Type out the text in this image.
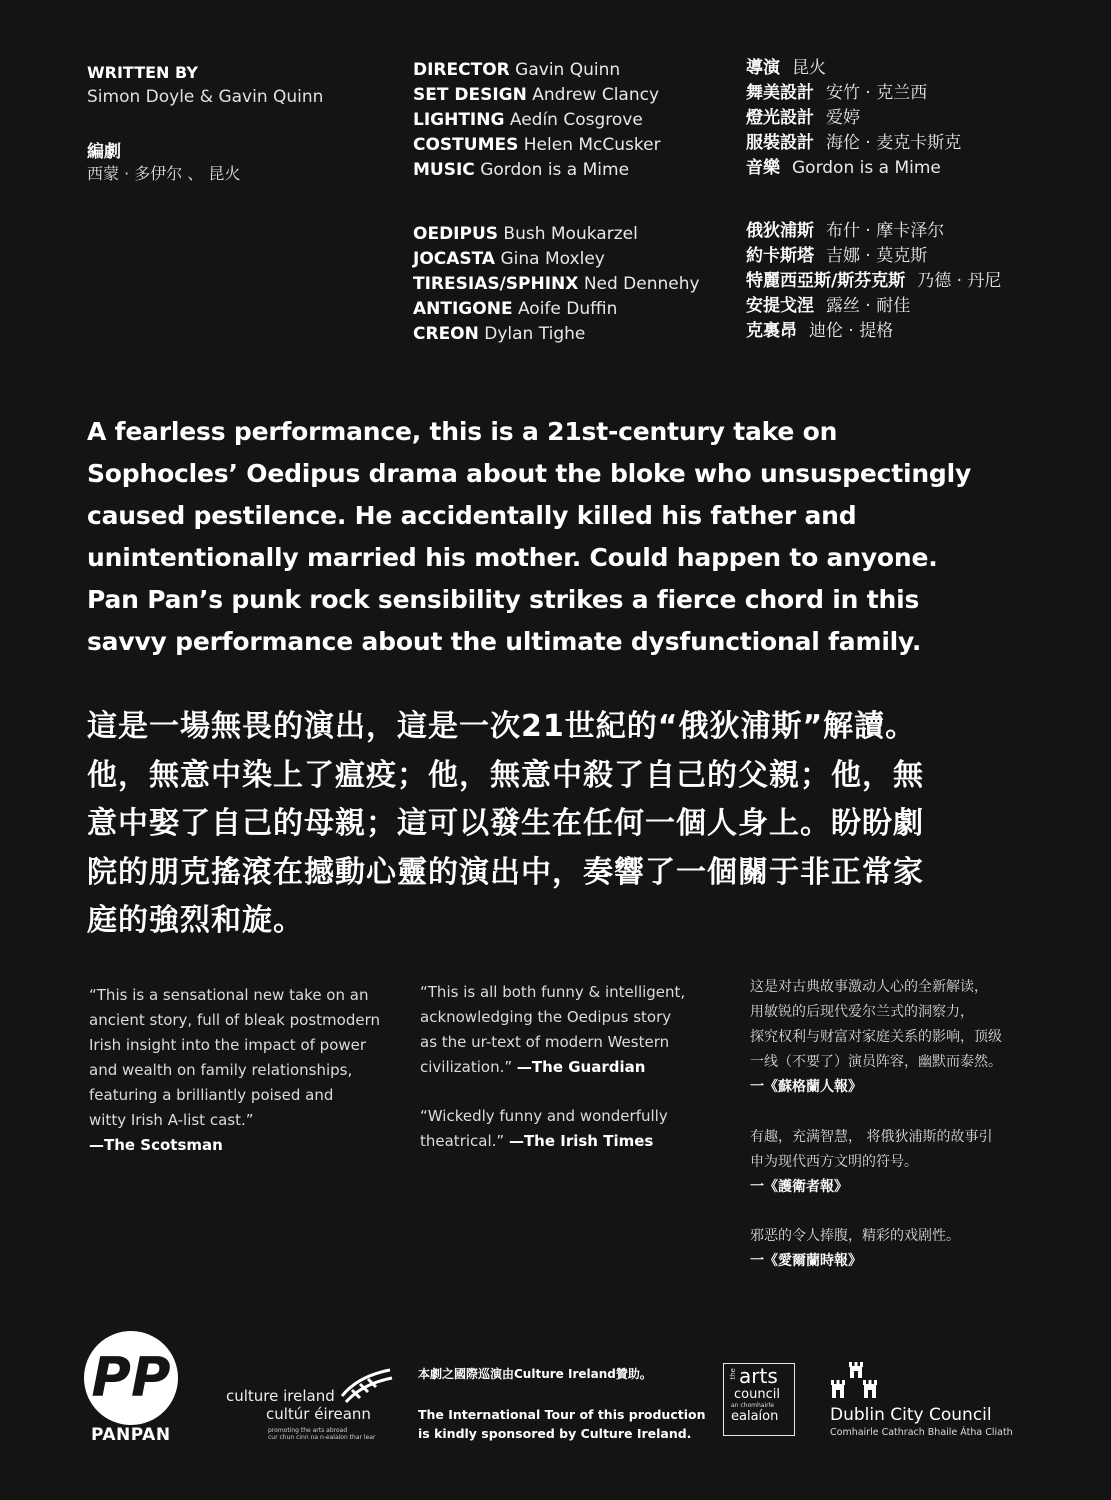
WRITTEN BY
Simon Doyle & Gavin Quinn
編劇
西蒙 · 多伊尔 、 昆火
DIRECTOR Gavin Quinn
SET DESIGN Andrew Clancy
LIGHTING Aedín Cosgrove
COSTUMES Helen McCusker
MUSIC Gordon is a Mime
導演 昆火
舞美設計 安竹 · 克兰西
燈光設計 爱婷
服裝設計 海伦 · 麦克卡斯克
音樂 Gordon is a Mime
OEDIPUS Bush Moukarzel
JOCASTA Gina Moxley
TIRESIAS/SPHINX Ned Dennehy
ANTIGONE Aoife Duffin
CREON Dylan Tighe
俄狄浦斯 布什 · 摩卡泽尔
約卡斯塔 吉娜 · 莫克斯
特麗西亞斯/斯芬克斯 乃德 · 丹尼
安提戈涅 露丝 · 耐佳
克裏昂 迪伦 · 提格
A fearless performance, this is a 21st-century take on
Sophocles’ Oedipus drama about the bloke who unsuspectingly
caused pestilence. He accidentally killed his father and
unintentionally married his mother. Could happen to anyone.
Pan Pan’s punk rock sensibility strikes a fierce chord in this
savvy performance about the ultimate dysfunctional family.
這是一場無畏的演出，這是一次21世紀的“俄狄浦斯”解讀。
他，無意中染上了瘟疫；他，無意中殺了自己的父親；他，無
意中娶了自己的母親；這可以發生在任何一個人身上。盼盼劇
院的朋克搖滾在撼動心靈的演出中，奏響了一個關于非正常家
庭的強烈和旋。
“This is a sensational new take on an
ancient story, full of bleak postmodern
Irish insight into the impact of power
and wealth on family relationships,
featuring a brilliantly poised and
witty Irish A-list cast.”
—The Scotsman
“This is all both funny & intelligent,
acknowledging the Oedipus story
as the ur-text of modern Western
civilization.” —The Guardian
“Wickedly funny and wonderfully
theatrical.” —The Irish Times
这是对古典故事激动人心的全新解读，
用敏锐的后现代爱尔兰式的洞察力，
探究权利与财富对家庭关系的影响，顶级
一线（不要了）演员阵容，幽默而泰然。
一《蘇格蘭人報》
有趣，充满智慧， 将俄狄浦斯的故事引
申为现代西方文明的符号。
一《護衛者報》
邪恶的令人捧腹，精彩的戏剧性。
一《愛爾蘭時報》
PP
PANPAN
culture ireland
cultúr éireann
promoting the arts abroad
cur chun cinn na n-ealaíon thar lear
本劇之國際巡演由Culture Ireland贊助。
The International Tour of this production
is kindly sponsored by Culture Ireland.
the arts
council
an chomhairle
ealaíon	Dublin City Council
Comhairle Cathrach Bhaile Átha Cliath
